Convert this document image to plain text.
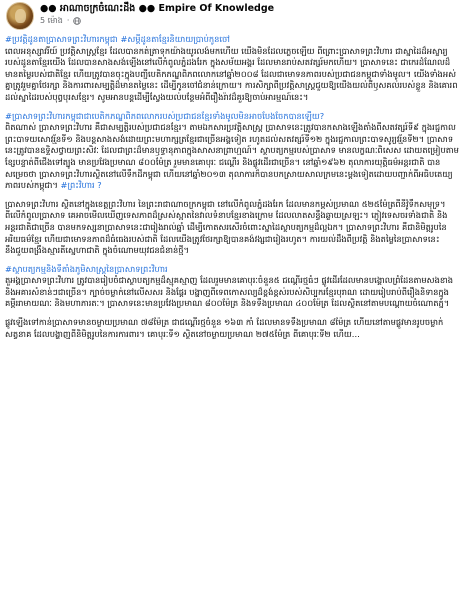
●● អាណាចក្រចំណេះដឹង ●● Empire Of Knowledge
5 ម៉ោង ·
#ប្រវត្តិដូនតាប្រាសាទព្រះវិហារកម្ពុជា​ #សម្ដីដូនតាខ្មែរនិយាយប្រាប់កូនចៅ
ពេលអនុស្សាវរីយ៍ ប្រវត្តិសាស្ត្រខ្មែរ ដែលបានកត់ត្រាទុកយ៉ាងយូរលង់មកហើយ យើងមិនដែលភ្លេចឡើយ ពីព្រោះប្រាសាទព្រះវិហារ ជាស្នាដៃដ៏អស្ចារ្យរបស់ដូនតាខ្មែរយើង ដែលបានសាងសង់ឡើងនៅលើកំពូលភ្នំដងរែក ក្នុងសម័យអង្គរ ដែលមានរាប់សតវត្សរ៍មកហើយ។ ប្រាសាទនេះ ជាកេរដំណែលដ៏មានតម្លៃរបស់ជាតិខ្មែរ ហើយត្រូវបានចុះក្នុងបញ្ជីបេតិកភណ្ឌពិភពលោកនៅឆ្នាំ២០០៨ ដែលជាមោទនភាពរបស់ប្រជាជនកម្ពុជាទាំងមូល។ យើងទាំងអស់គ្នាត្រូវរួមគ្នាថែរក្សា និងការពារសម្បត្តិដ៏មានតម្លៃនេះ ដើម្បីកូនចៅជំនាន់ក្រោយ។ ការសិក្សាពីប្រវត្តិសាស្ត្រជួយឱ្យយើងយល់ពីឫសគល់របស់ខ្លួន និងគោរពដល់ស្នាដៃរបស់បុព្វបុរសខ្មែរ។ សូមអានបន្តដើម្បីស្វែងយល់បន្ថែមអំពីរឿងរ៉ាវដ៏គួរឱ្យចាប់អារម្មណ៍នេះ។
#ប្រាសាទព្រះវិហារកម្ពុជាជាបេតិកភណ្ឌពិភពលោករបស់ប្រជាជនខ្មែរទាំងមូលមិនអាចបែងចែកបានឡើយ?
ពិតណាស់ ប្រាសាទព្រះវិហារ គឺជាសម្បត្តិរបស់ប្រជាជនខ្មែរ។ តាមឯកសារប្រវត្តិសាស្ត្រ ប្រាសាទនេះត្រូវបានកសាងឡើងតាំងពីសតវត្សរ៍ទី៩ ក្នុងរជ្ជកាលព្រះបាទយសោវរ្ម័នទី១ និងបន្តសាងសង់ដោយព្រះមហាក្សត្រខ្មែរជាច្រើនអង្គទៀត រហូតដល់សតវត្សរ៍ទី១២ ក្នុងរជ្ជកាលព្រះបាទសូរ្យវរ្ម័នទី២។ ប្រាសាទនេះត្រូវបានឧទ្ទិសថ្វាយព្រះសិវៈ ដែលជាព្រះដ៏មានឫទ្ធានុភាពក្នុងសាសនាព្រាហ្មណ៍។ ស្ថាបត្យកម្មរបស់ប្រាសាទ មានលក្ខណៈពិសេស ដោយតម្រៀបតាមខ្សែបន្ទាត់ពីជើងទៅត្បូង មានប្រវែងប្រមាណ ៨០០ម៉ែត្រ រួមមានគោបុរៈ ជណ្ដើរ និងផ្លូវដើរជាច្រើន។ នៅឆ្នាំ១៩៦២ តុលាការយុត្តិធម៌អន្តរជាតិ បានសម្រេចថា ប្រាសាទព្រះវិហារស្ថិតនៅលើទឹកដីកម្ពុជា ហើយនៅឆ្នាំ២០១៣ តុលាការក៏បានបកស្រាយសាលក្រមនេះម្ដងទៀតដោយបញ្ជាក់ពីអធិបតេយ្យភាពរបស់កម្ពុជា។ #ព្រះវិហារ ?
ប្រាសាទព្រះវិហារ ស្ថិតនៅក្នុងខេត្តព្រះវិហារ នៃព្រះរាជាណាចក្រកម្ពុជា នៅលើកំពូលភ្នំដងរែក ដែលមានកម្ពស់ប្រមាណ ៥២៥ម៉ែត្រពីនីវ៉ូទឹកសមុទ្រ។ ពីលើកំពូលប្រាសាទ គេអាចមើលឃើញទេសភាពដ៏ស្រស់ស្អាតនៃវាលទំនាបខ្មែរខាងក្រោម ដែលលាតសន្ធឹងឆ្ងាយស្រឡះ។ ភ្ញៀវទេសចរទាំងជាតិ និងអន្តរជាតិជាច្រើន បានមកទស្សនាប្រាសាទនេះជារៀងរាល់ឆ្នាំ ដើម្បីកោតសរសើរចំពោះស្នាដៃស្ថាបត្យកម្មដ៏ល្អឯក។ ប្រាសាទព្រះវិហារ គឺជានិមិត្តរូបនៃអរិយធម៌ខ្មែរ ហើយជាមោទនភាពដ៏ធំធេងរបស់ជាតិ ដែលយើងត្រូវថែរក្សាឱ្យបានគង់វង្សជារៀងរហូត។ ការយល់ដឹងពីប្រវត្តិ និងតម្លៃនៃប្រាសាទនេះ នឹងជួយពង្រឹងស្មារតីស្នេហាជាតិ ក្នុងចំណោមយុវជនជំនាន់ថ្មី។
#ស្ថាបត្យកម្មនិងទីតាំងភូមិសាស្ត្រនៃប្រាសាទព្រះវិហារ
តួអង្គប្រាសាទព្រះវិហារ ត្រូវបានរៀបចំជាស្ថាបត្យកម្មដ៏ស្មុគស្មាញ ដែលរួមមានគោបុរៈចំនួន៥ ជណ្ដើរថ្មធំៗ ផ្លូវដើរដែលមានបង្គោលព្រំដែនតាមសងខាង និងអគារសំខាន់ៗជាច្រើន។ ក្បាច់ចម្លាក់នៅលើសសរ និងផ្ដែរ បង្ហាញពីទេពកោសល្យដ៏ខ្ពង់ខ្ពស់របស់សិប្បករខ្មែរបុរាណ ដោយរៀបរាប់ពីរឿងនិទានក្នុងគម្ពីររាមាយណៈ និងមហាភារតៈ។ ប្រាសាទនេះមានប្រវែងប្រមាណ ៨០០ម៉ែត្រ និងទទឹងប្រមាណ ៤០០ម៉ែត្រ ដែលស្ថិតនៅតាមបណ្ដោយចំណោតភ្នំ។
ផ្លូវឡើងទៅកាន់ប្រាសាទមានចម្ងាយប្រមាណ ៧៨ម៉ែត្រ ជាជណ្ដើរថ្មចំនួន ១៦៣ កាំ ដែលមានទទឹងប្រមាណ ៨ម៉ែត្រ ហើយនៅតាមផ្លូវមានរូបចម្លាក់សត្វនាគ ដែលបង្ហាញពីនិមិត្តរូបនៃការការពារ។ គោបុរៈទី១ ស្ថិតនៅចម្ងាយប្រមាណ ២៧៥ម៉ែត្រ ពីគោបុរៈទី២ ហើយ...
